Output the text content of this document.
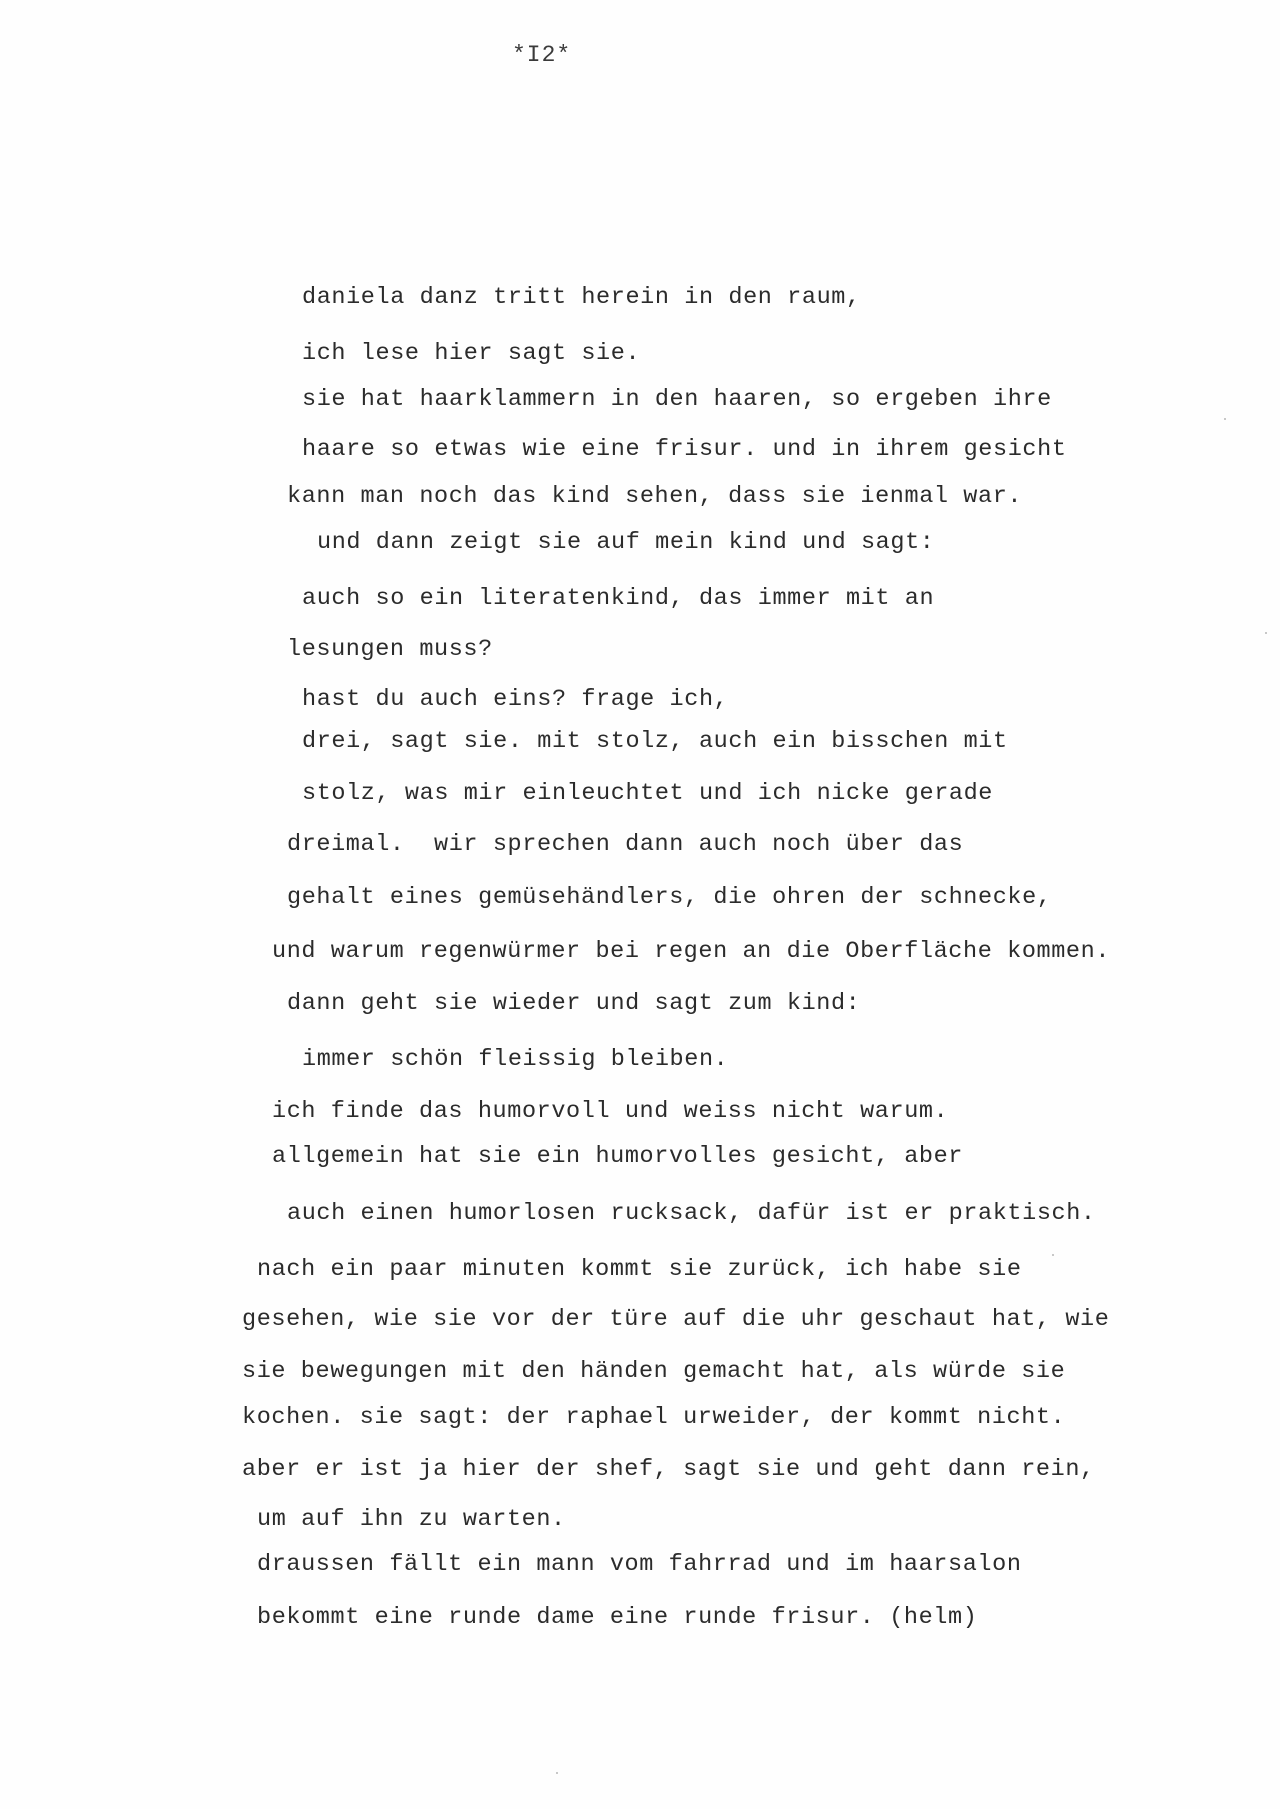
*I2*
daniela danz tritt herein in den raum,
ich lese hier sagt sie.
sie hat haarklammern in den haaren, so ergeben ihre
haare so etwas wie eine frisur. und in ihrem gesicht
kann man noch das kind sehen, dass sie ienmal war.
und dann zeigt sie auf mein kind und sagt:
auch so ein literatenkind, das immer mit an
lesungen muss?
hast du auch eins? frage ich,
drei, sagt sie. mit stolz, auch ein bisschen mit
stolz, was mir einleuchtet und ich nicke gerade
dreimal.  wir sprechen dann auch noch über das
gehalt eines gemüsehändlers, die ohren der schnecke,
und warum regenwürmer bei regen an die Oberfläche kommen.
dann geht sie wieder und sagt zum kind:
immer schön fleissig bleiben.
ich finde das humorvoll und weiss nicht warum.
allgemein hat sie ein humorvolles gesicht, aber
auch einen humorlosen rucksack, dafür ist er praktisch.
nach ein paar minuten kommt sie zurück, ich habe sie
gesehen, wie sie vor der türe auf die uhr geschaut hat, wie
sie bewegungen mit den händen gemacht hat, als würde sie
kochen. sie sagt: der raphael urweider, der kommt nicht.
aber er ist ja hier der shef, sagt sie und geht dann rein,
um auf ihn zu warten.
draussen fällt ein mann vom fahrrad und im haarsalon
bekommt eine runde dame eine runde frisur. (helm)
